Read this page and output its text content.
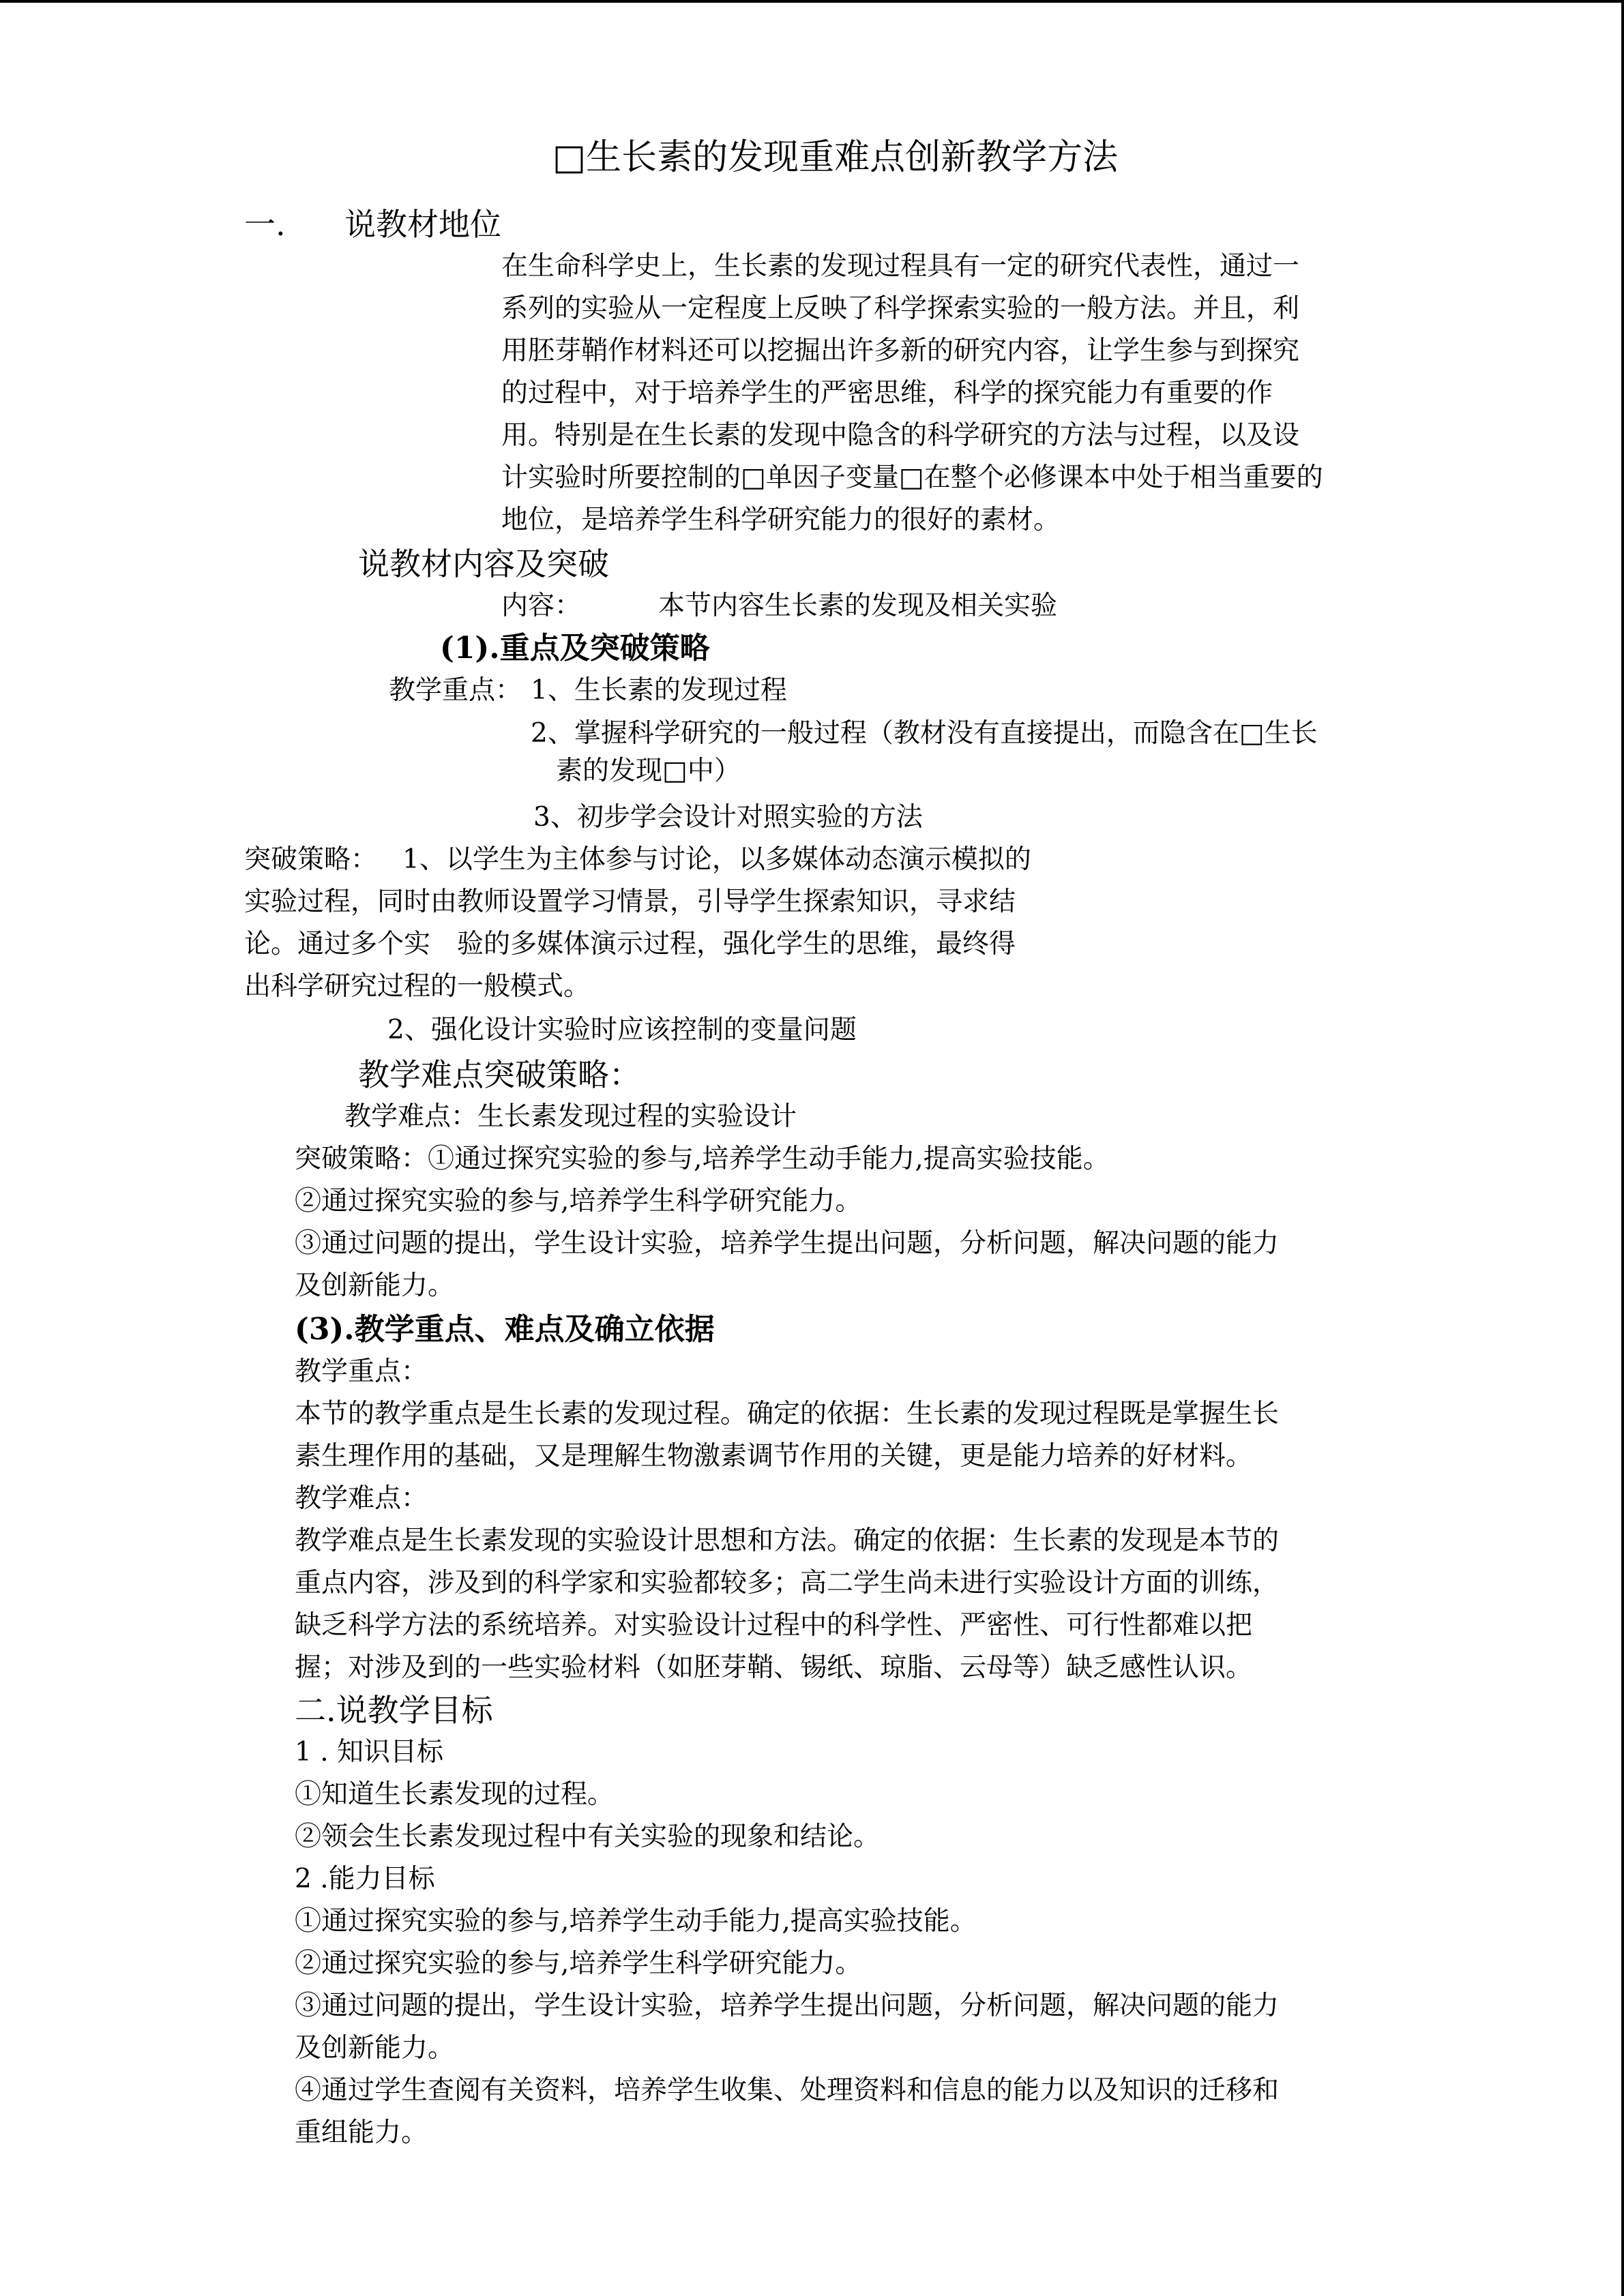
□生长素的发现重难点创新教学方法
一. 说教材地位
在生命科学史上，生长素的发现过程具有一定的研究代表性，通过一
系列的实验从一定程度上反映了科学探索实验的一般方法。并且，利
用胚芽鞘作材料还可以挖掘出许多新的研究内容，让学生参与到探究
的过程中，对于培养学生的严密思维，科学的探究能力有重要的作
用。特别是在生长素的发现中隐含的科学研究的方法与过程，以及设
计实验时所要控制的□单因子变量□在整个必修课本中处于相当重要的
地位，是培养学生科学研究能力的很好的素材。
说教材内容及突破
内容：	本节内容生长素的发现及相关实验
(1).重点及突破策略
教学重点： 1、生长素的发现过程
2、掌握科学研究的一般过程（教材没有直接提出，而隐含在□生长
素的发现□中）
3、初步学会设计对照实验的方法
突破策略： 1、以学生为主体参与讨论，以多媒体动态演示模拟的
实验过程，同时由教师设置学习情景，引导学生探索知识，寻求结
论。通过多个实　验的多媒体演示过程，强化学生的思维，最终得
出科学研究过程的一般模式。
2、强化设计实验时应该控制的变量问题
教学难点突破策略：
教学难点：生长素发现过程的实验设计
突破策略：①通过探究实验的参与,培养学生动手能力,提高实验技能。
②通过探究实验的参与,培养学生科学研究能力。
③通过问题的提出，学生设计实验，培养学生提出问题，分析问题，解决问题的能力
及创新能力。
(3).教学重点、难点及确立依据
教学重点：
本节的教学重点是生长素的发现过程。确定的依据：生长素的发现过程既是掌握生长
素生理作用的基础，又是理解生物激素调节作用的关键，更是能力培养的好材料。
教学难点：
教学难点是生长素发现的实验设计思想和方法。确定的依据：生长素的发现是本节的
重点内容，涉及到的科学家和实验都较多；高二学生尚未进行实验设计方面的训练，
缺乏科学方法的系统培养。对实验设计过程中的科学性、严密性、可行性都难以把
握；对涉及到的一些实验材料（如胚芽鞘、锡纸、琼脂、云母等）缺乏感性认识。
二.说教学目标
1 . 知识目标
①知道生长素发现的过程。
②领会生长素发现过程中有关实验的现象和结论。
2 .能力目标
①通过探究实验的参与,培养学生动手能力,提高实验技能。
②通过探究实验的参与,培养学生科学研究能力。
③通过问题的提出，学生设计实验，培养学生提出问题，分析问题，解决问题的能力
及创新能力。
④通过学生查阅有关资料，培养学生收集、处理资料和信息的能力以及知识的迁移和
重组能力。
